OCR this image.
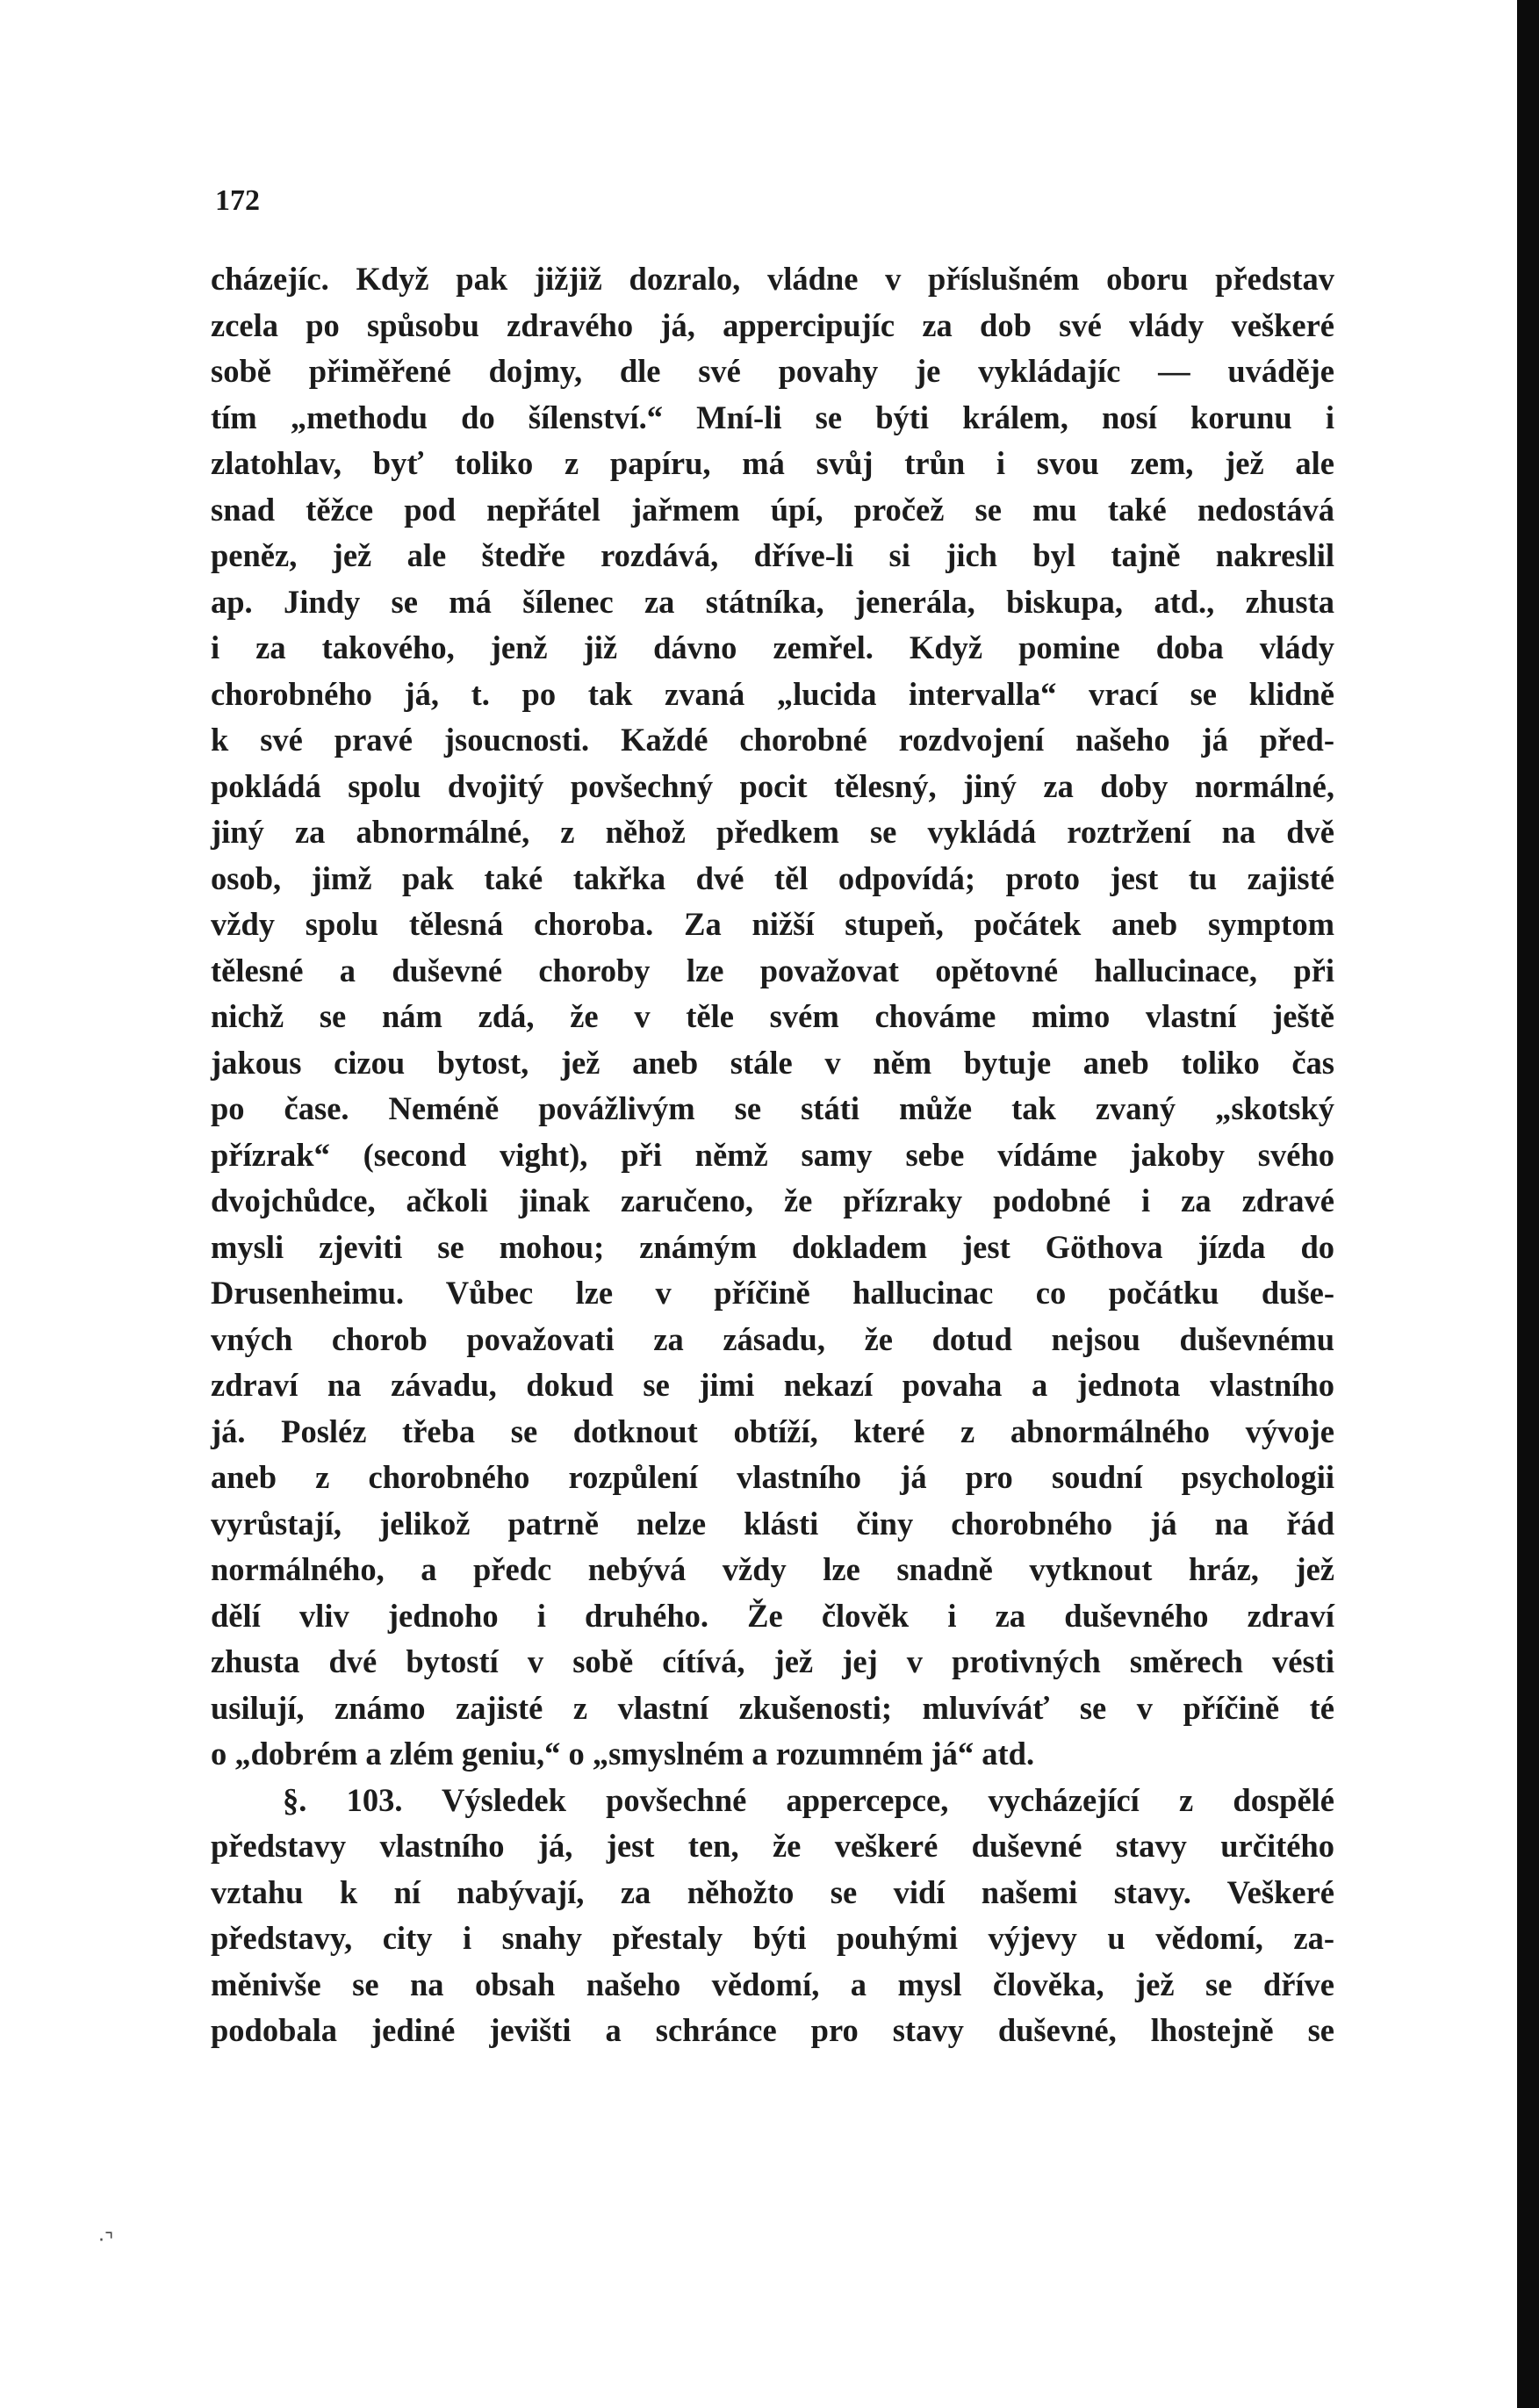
172
cházejíc. Když pak jižjiž dozralo, vládne v příslušném oboru představ
zcela po spůsobu zdravého já, appercipujíc za dob své vlády veškeré
sobě přiměřené dojmy, dle své povahy je vykládajíc — uváděje
tím „methodu do šílenství.“ Mní-li se býti králem, nosí korunu i
zlatohlav, byť toliko z papíru, má svůj trůn i svou zem, jež ale
snad těžce pod nepřátel jařmem úpí, pročež se mu také nedostává
peněz, jež ale štedře rozdává, dříve-li si jich byl tajně nakreslil
ap. Jindy se má šílenec za státníka, jenerála, biskupa, atd., zhusta
i za takového, jenž již dávno zemřel. Když pomine doba vlády
chorobného já, t. po tak zvaná „lucida intervalla“ vrací se klidně
k své pravé jsoucnosti. Každé chorobné rozdvojení našeho já před-
pokládá spolu dvojitý povšechný pocit tělesný, jiný za doby normálné,
jiný za abnormálné, z něhož předkem se vykládá roztržení na dvě
osob, jimž pak také takřka dvé těl odpovídá; proto jest tu zajisté
vždy spolu tělesná choroba. Za nižší stupeň, počátek aneb symptom
tělesné a duševné choroby lze považovat opětovné hallucinace, při
nichž se nám zdá, že v těle svém chováme mimo vlastní ještě
jakous cizou bytost, jež aneb stále v něm bytuje aneb toliko čas
po čase. Neméně povážlivým se státi může tak zvaný „skotský
přízrak“ (second vight), při němž samy sebe vídáme jakoby svého
dvojchůdce, ačkoli jinak zaručeno, že přízraky podobné i za zdravé
mysli zjeviti se mohou; známým dokladem jest Göthova jízda do
Drusenheimu. Vůbec lze v příčině hallucinac co počátku duše-
vných chorob považovati za zásadu, že dotud nejsou duševnému
zdraví na závadu, dokud se jimi nekazí povaha a jednota vlastního
já. Posléz třeba se dotknout obtíží, které z abnormálného vývoje
aneb z chorobného rozpůlení vlastního já pro soudní psychologii
vyrůstají, jelikož patrně nelze klásti činy chorobného já na řád
normálného, a předc nebývá vždy lze snadně vytknout hráz, jež
dělí vliv jednoho i druhého. Že člověk i za duševného zdraví
zhusta dvé bytostí v sobě cítívá, jež jej v protivných směrech vésti
usilují, známo zajisté z vlastní zkušenosti; mluvíváť se v příčině té
o „dobrém a zlém geniu,“ o „smyslném a rozumném já“ atd.
§. 103. Výsledek povšechné appercepce, vycházející z dospělé
představy vlastního já, jest ten, že veškeré duševné stavy určitého
vztahu k ní nabývají, za něhožto se vidí našemi stavy. Veškeré
představy, city i snahy přestaly býti pouhými výjevy u vědomí, za-
měnivše se na obsah našeho vědomí, a mysl člověka, jež se dříve
podobala jediné jevišti a schránce pro stavy duševné, lhostejně se
·⌝
